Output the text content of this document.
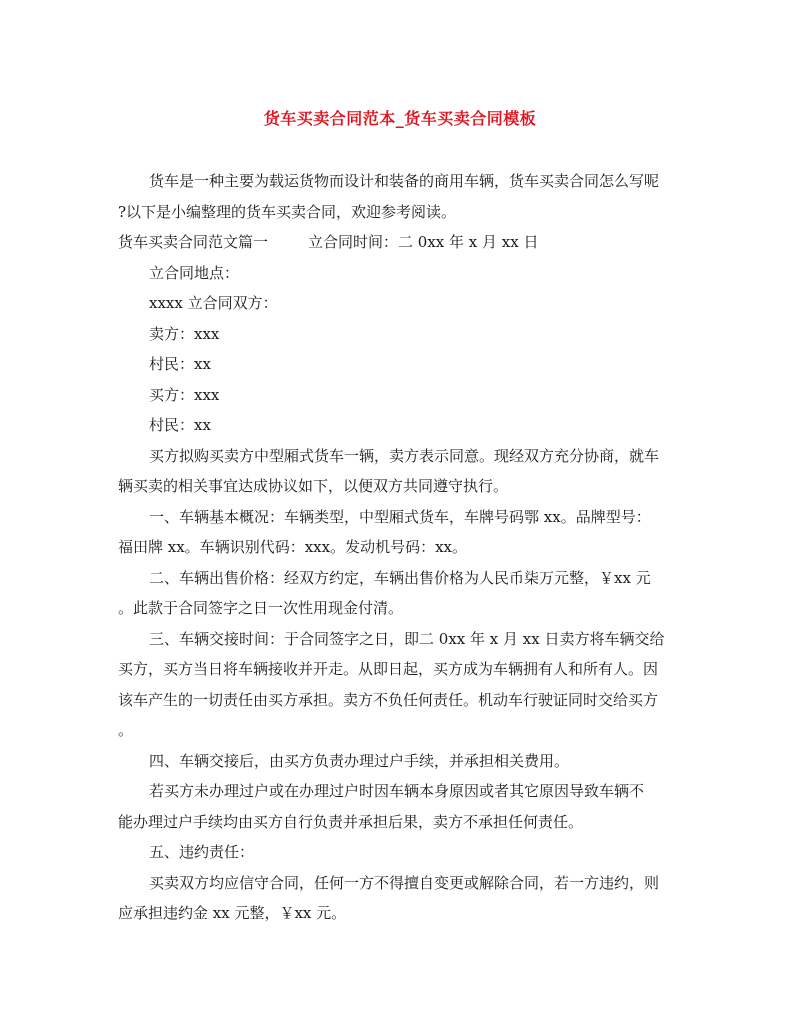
货车买卖合同范本_货车买卖合同模板

货车是一种主要为载运货物而设计和装备的商用车辆，货车买卖合同怎么写呢

?以下是小编整理的货车买卖合同，欢迎参考阅读。

货车买卖合同范文篇一	立合同时间：二 0xx 年 x 月 xx 日

立合同地点：

xxxx 立合同双方：

卖方：xxx

村民：xx

买方：xxx

村民：xx

买方拟购买卖方中型厢式货车一辆，卖方表示同意。现经双方充分协商，就车

辆买卖的相关事宜达成协议如下，以便双方共同遵守执行。

一、车辆基本概况：车辆类型，中型厢式货车，车牌号码鄂 xx。品牌型号：

福田牌 xx。车辆识别代码：xxx。发动机号码：xx。

二、车辆出售价格：经双方约定，车辆出售价格为人民币柒万元整，￥xx 元

。此款于合同签字之日一次性用现金付清。

三、车辆交接时间：于合同签字之日，即二 0xx 年 x 月 xx 日卖方将车辆交给

买方，买方当日将车辆接收并开走。从即日起，买方成为车辆拥有人和所有人。因

该车产生的一切责任由买方承担。卖方不负任何责任。机动车行驶证同时交给买方

。

四、车辆交接后，由买方负责办理过户手续，并承担相关费用。

若买方未办理过户或在办理过户时因车辆本身原因或者其它原因导致车辆不

能办理过户手续均由买方自行负责并承担后果，卖方不承担任何责任。

五、违约责任：

买卖双方均应信守合同，任何一方不得擅自变更或解除合同，若一方违约，则

应承担违约金 xx 元整，￥xx 元。
